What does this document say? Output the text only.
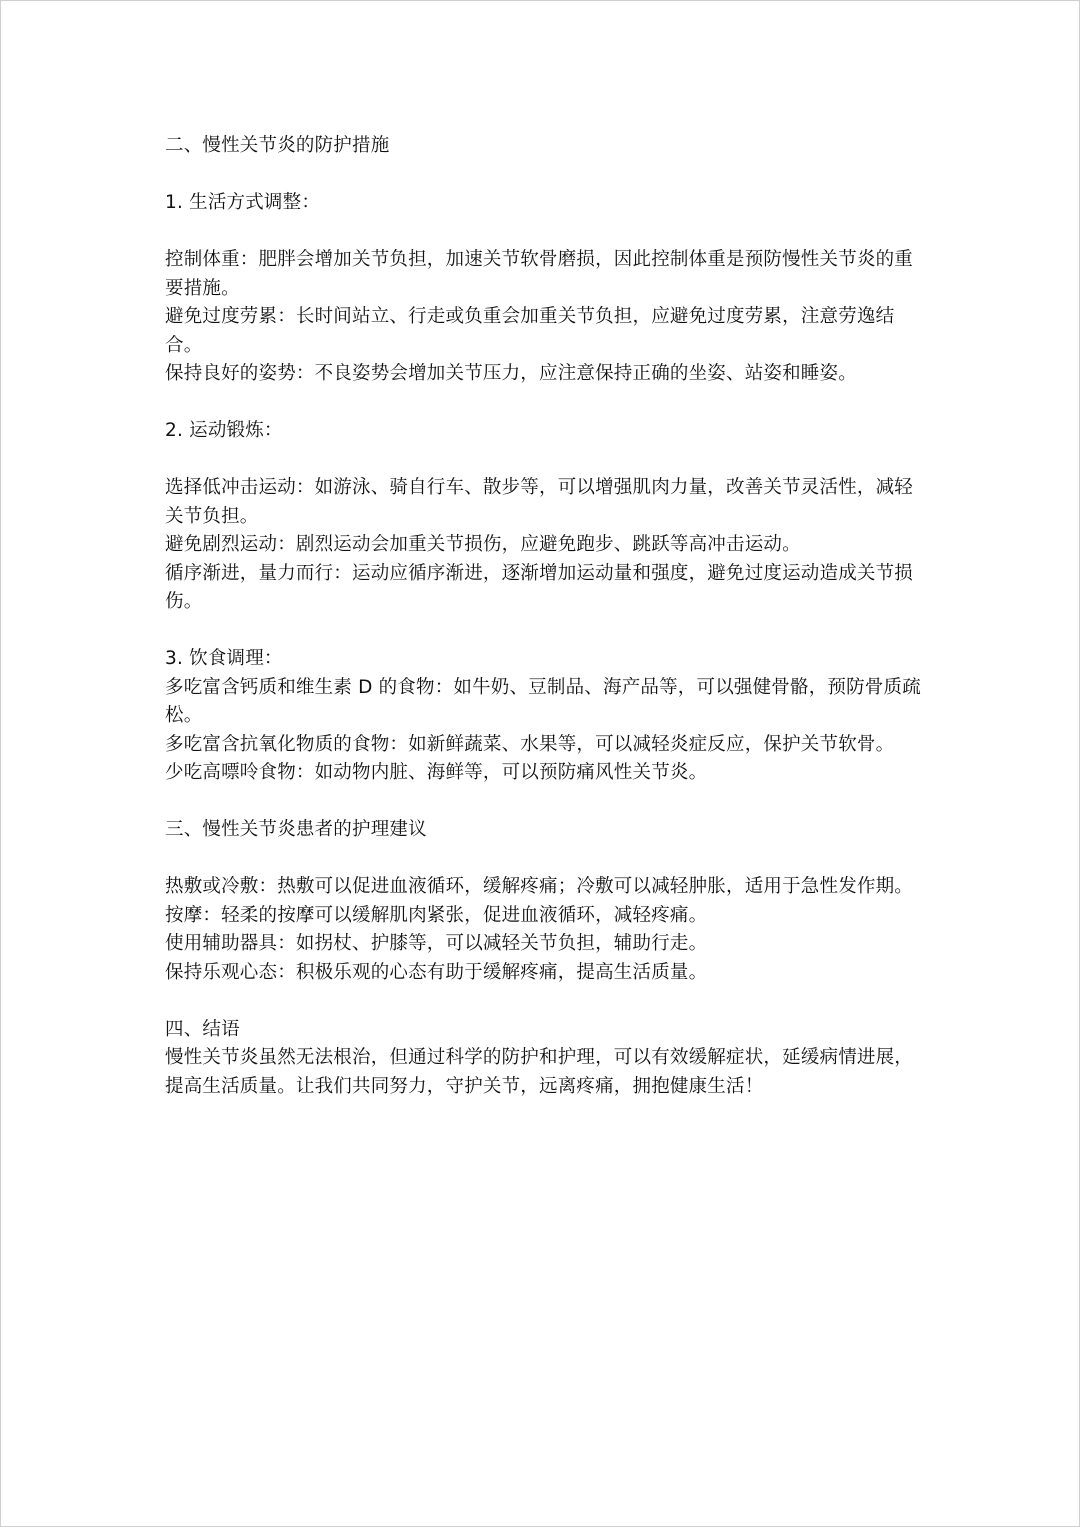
二、慢性关节炎的防护措施

1. 生活方式调整：

控制体重：肥胖会增加关节负担，加速关节软骨磨损，因此控制体重是预防慢性关节炎的重要措施。

避免过度劳累：长时间站立、行走或负重会加重关节负担，应避免过度劳累，注意劳逸结合。

保持良好的姿势：不良姿势会增加关节压力，应注意保持正确的坐姿、站姿和睡姿。

2. 运动锻炼：

选择低冲击运动：如游泳、骑自行车、散步等，可以增强肌肉力量，改善关节灵活性，减轻关节负担。

避免剧烈运动：剧烈运动会加重关节损伤，应避免跑步、跳跃等高冲击运动。

循序渐进，量力而行：运动应循序渐进，逐渐增加运动量和强度，避免过度运动造成关节损伤。

3. 饮食调理：

多吃富含钙质和维生素 D 的食物：如牛奶、豆制品、海产品等，可以强健骨骼，预防骨质疏松。

多吃富含抗氧化物质的食物：如新鲜蔬菜、水果等，可以减轻炎症反应，保护关节软骨。

少吃高嘌呤食物：如动物内脏、海鲜等，可以预防痛风性关节炎。

三、慢性关节炎患者的护理建议

热敷或冷敷：热敷可以促进血液循环，缓解疼痛；冷敷可以减轻肿胀，适用于急性发作期。

按摩：轻柔的按摩可以缓解肌肉紧张，促进血液循环，减轻疼痛。

使用辅助器具：如拐杖、护膝等，可以减轻关节负担，辅助行走。

保持乐观心态：积极乐观的心态有助于缓解疼痛，提高生活质量。

四、结语

慢性关节炎虽然无法根治，但通过科学的防护和护理，可以有效缓解症状，延缓病情进展，提高生活质量。让我们共同努力，守护关节，远离疼痛，拥抱健康生活！
